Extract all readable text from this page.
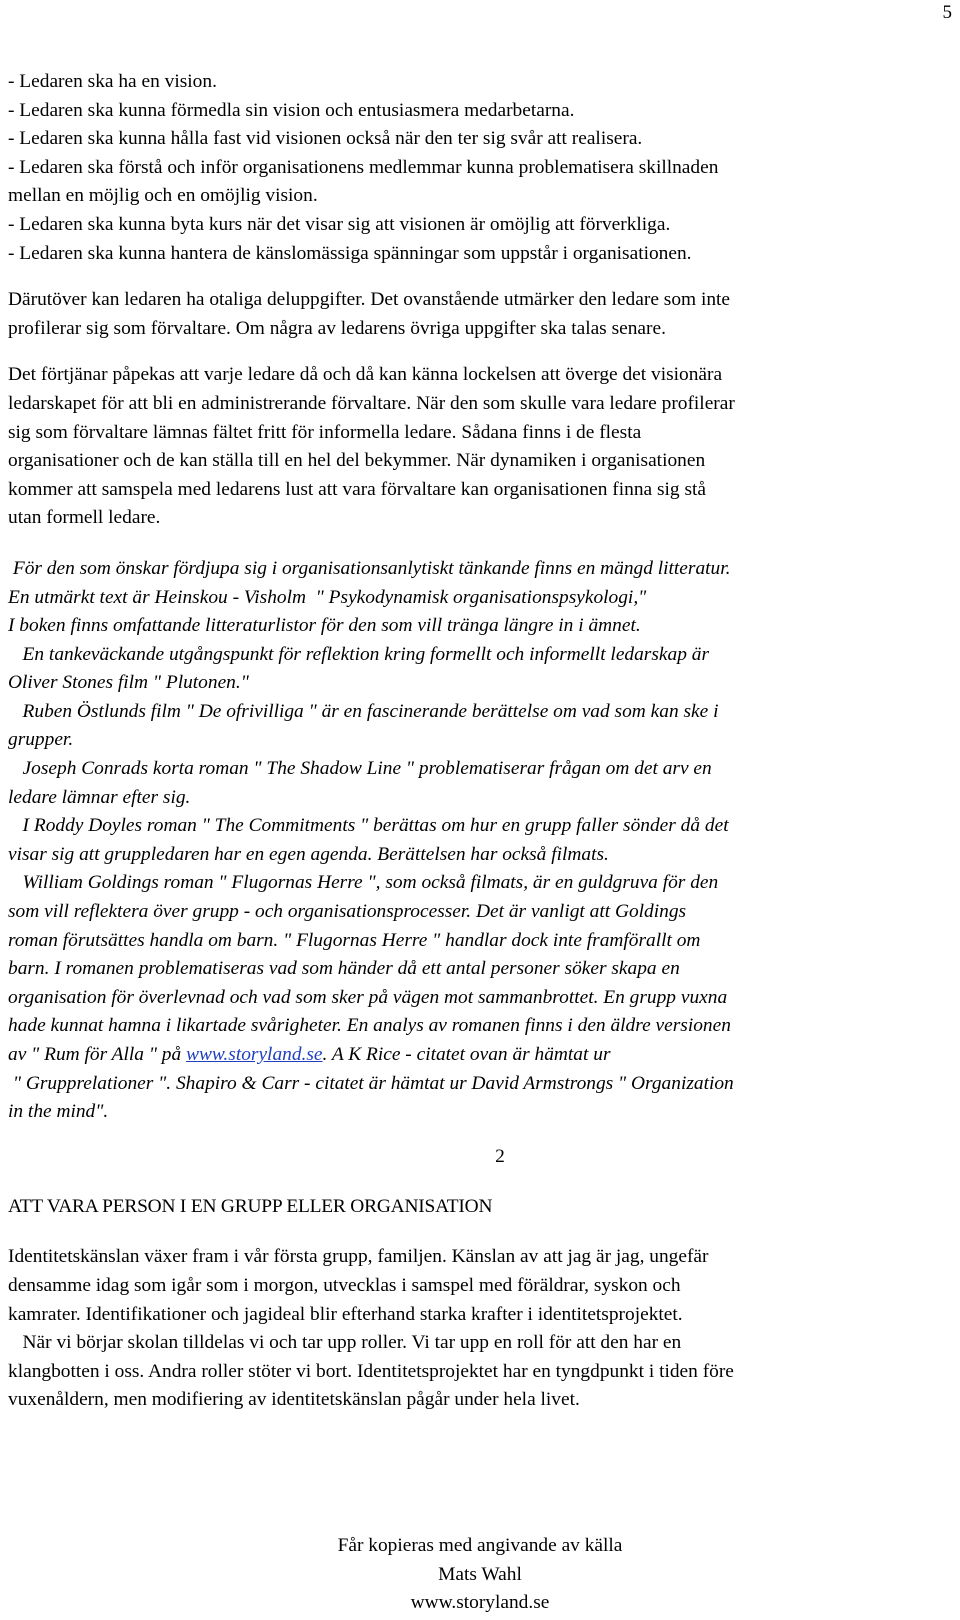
5
- Ledaren ska ha en vision.
- Ledaren ska kunna förmedla sin vision och entusiasmera medarbetarna.
- Ledaren ska kunna hålla fast vid visionen också när den ter sig svår att realisera.
- Ledaren ska förstå och inför organisationens medlemmar kunna problematisera skillnaden
mellan en möjlig och en omöjlig vision.
- Ledaren ska kunna byta kurs när det visar sig att visionen är omöjlig att förverkliga.
- Ledaren ska kunna hantera de känslomässiga spänningar som uppstår i organisationen.
Därutöver kan ledaren ha otaliga deluppgifter. Det ovanstående utmärker den ledare som inte
profilerar sig som förvaltare. Om några av ledarens övriga uppgifter ska talas senare.
Det förtjänar påpekas att varje ledare då och då kan känna lockelsen att överge det visionära
ledarskapet för att bli en administrerande förvaltare. När den som skulle vara ledare profilerar
sig som förvaltare lämnas fältet fritt för informella ledare. Sådana finns i de flesta
organisationer och de kan ställa till en hel del bekymmer. När dynamiken i organisationen
kommer att samspela med ledarens lust att vara förvaltare kan organisationen finna sig stå
utan formell ledare.
För den som önskar fördjupa sig i organisationsanlytiskt tänkande finns en mängd litteratur.
En utmärkt text är Heinskou - Visholm  " Psykodynamisk organisationspsykologi,"
I boken finns omfattande litteraturlistor för den som vill tränga längre in i ämnet.
En tankeväckande utgångspunkt för reflektion kring formellt och informellt ledarskap är
Oliver Stones film " Plutonen."
Ruben Östlunds film " De ofrivilliga " är en fascinerande berättelse om vad som kan ske i
grupper.
Joseph Conrads korta roman " The Shadow Line " problematiserar frågan om det arv en
ledare lämnar efter sig.
I Roddy Doyles roman " The Commitments " berättas om hur en grupp faller sönder då det
visar sig att gruppledaren har en egen agenda. Berättelsen har också filmats.
William Goldings roman " Flugornas Herre ", som också filmats, är en guldgruva för den
som vill reflektera över grupp - och organisationsprocesser. Det är vanligt att Goldings
roman förutsättes handla om barn. " Flugornas Herre " handlar dock inte framförallt om
barn. I romanen problematiseras vad som händer då ett antal personer söker skapa en
organisation för överlevnad och vad som sker på vägen mot sammanbrottet. En grupp vuxna
hade kunnat hamna i likartade svårigheter. En analys av romanen finns i den äldre versionen
av " Rum för Alla " på www.storyland.se. A K Rice - citatet ovan är hämtat ur
" Grupprelationer ". Shapiro & Carr - citatet är hämtat ur David Armstrongs " Organization
in the mind".
2
ATT VARA PERSON I EN GRUPP ELLER ORGANISATION
Identitetskänslan växer fram i vår första grupp, familjen. Känslan av att jag är jag, ungefär
densamme idag som igår som i morgon, utvecklas i samspel med föräldrar, syskon och
kamrater. Identifikationer och jagideal blir efterhand starka krafter i identitetsprojektet.
När vi börjar skolan tilldelas vi och tar upp roller. Vi tar upp en roll för att den har en
klangbotten i oss. Andra roller stöter vi bort. Identitetsprojektet har en tyngdpunkt i tiden före
vuxenåldern, men modifiering av identitetskänslan pågår under hela livet.
Får kopieras med angivande av källa
Mats Wahl
www.storyland.se
